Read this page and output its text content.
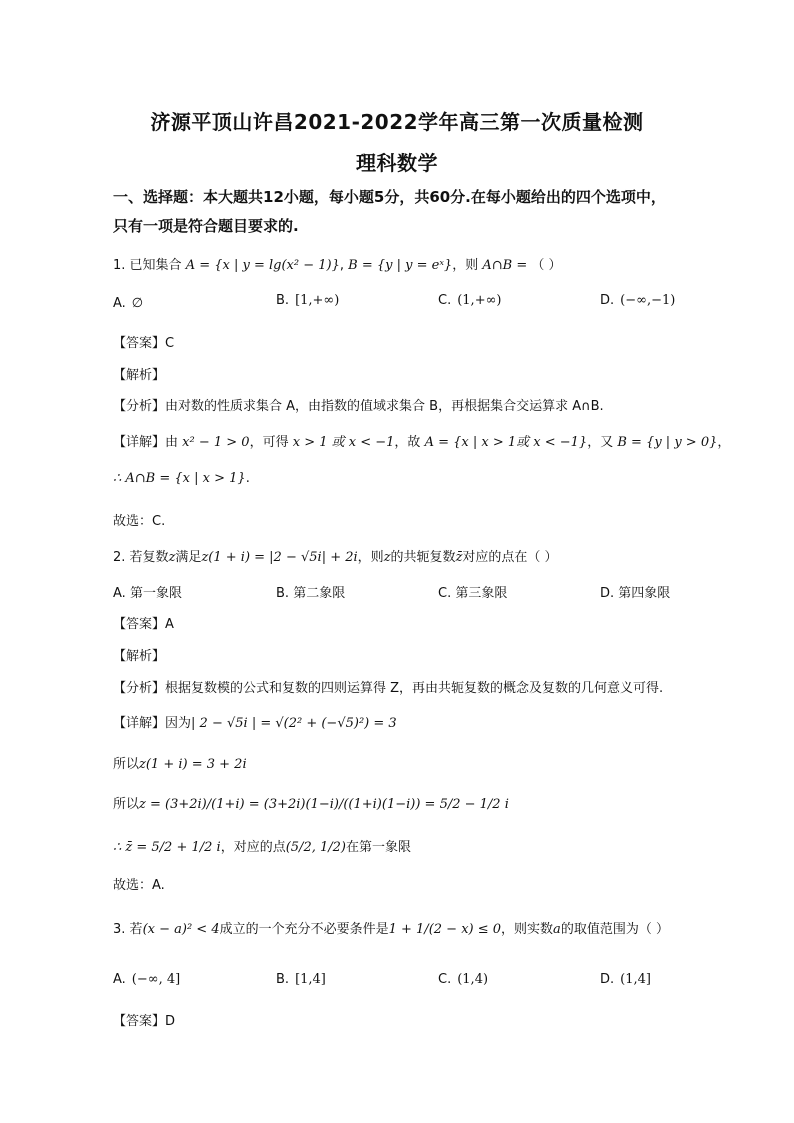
济源平顶山许昌2021-2022学年高三第一次质量检测
理科数学
一、选择题：本大题共12小题，每小题5分，共60分.在每小题给出的四个选项中，
只有一项是符合题目要求的.
1. 已知集合 A = {x | y = lg(x² − 1)}, B = {y | y = eˣ}，则 A∩B = （ ）
A. ∅	B. [1,+∞)	C. (1,+∞)	D. (−∞,−1)
【答案】C
【解析】
【分析】由对数的性质求集合 A，由指数的值域求集合 B，再根据集合交运算求 A∩B.
【详解】由 x² − 1 > 0，可得 x > 1 或 x < −1，故 A = {x | x > 1或 x < −1}，又 B = {y | y > 0}，
∴ A∩B = {x | x > 1}.
故选：C.
2. 若复数z满足z(1 + i) = |2 − √5i| + 2i，则z的共轭复数z̄对应的点在（ ）
A. 第一象限	B. 第二象限	C. 第三象限	D. 第四象限
【答案】A
【解析】
【分析】根据复数模的公式和复数的四则运算得 Z，再由共轭复数的概念及复数的几何意义可得.
【详解】因为| 2 − √5i | = √(2² + (−√5)²) = 3
所以z(1 + i) = 3 + 2i
所以z = (3+2i)/(1+i) = (3+2i)(1−i)/((1+i)(1−i)) = 5/2 − 1/2 i
∴ z̄ = 5/2 + 1/2 i，对应的点(5/2, 1/2)在第一象限
故选：A.
3. 若(x − a)² < 4成立的一个充分不必要条件是1 + 1/(2 − x) ≤ 0，则实数a的取值范围为（ ）
A. (−∞, 4]	B. [1,4]	C. (1,4)	D. (1,4]
【答案】D
